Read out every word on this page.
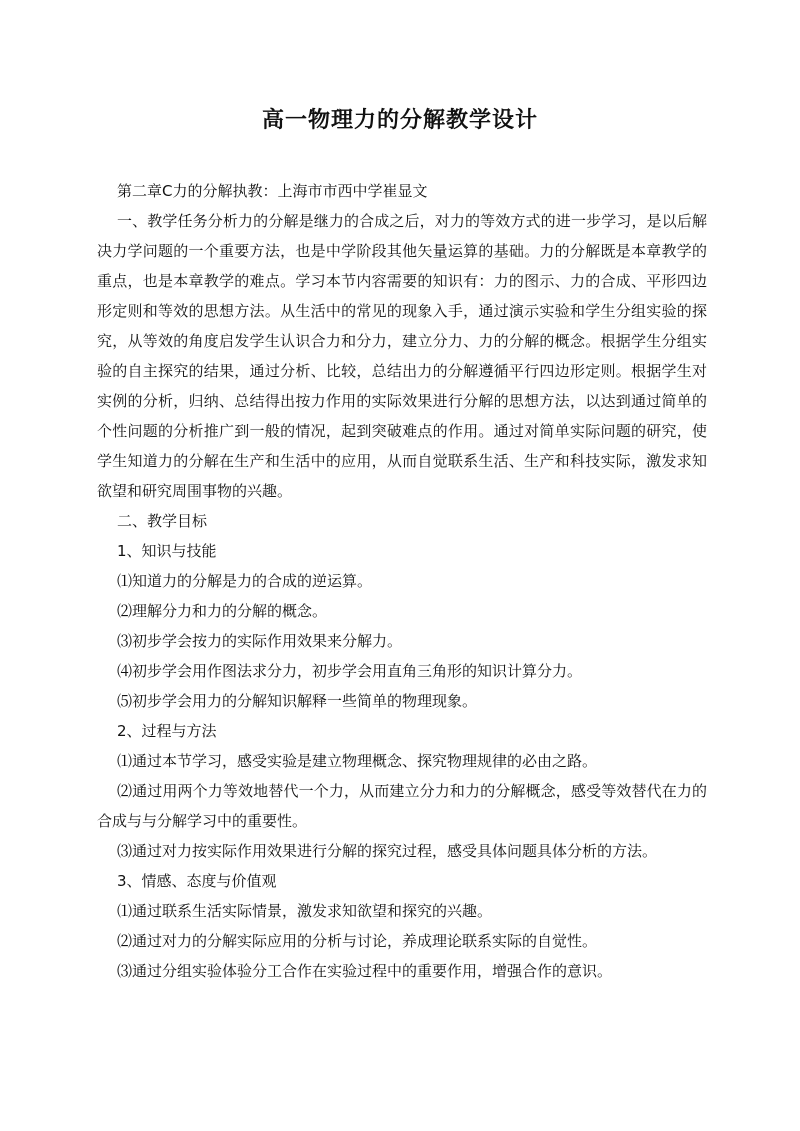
高一物理力的分解教学设计

第二章C力的分解执教：上海市市西中学崔显文

一、教学任务分析力的分解是继力的合成之后，对力的等效方式的进一步学习，是以后解决力学问题的一个重要方法，也是中学阶段其他矢量运算的基础。力的分解既是本章教学的重点，也是本章教学的难点。学习本节内容需要的知识有：力的图示、力的合成、平形四边形定则和等效的思想方法。从生活中的常见的现象入手，通过演示实验和学生分组实验的探究，从等效的角度启发学生认识合力和分力，建立分力、力的分解的概念。根据学生分组实验的自主探究的结果，通过分析、比较，总结出力的分解遵循平行四边形定则。根据学生对实例的分析，归纳、总结得出按力作用的实际效果进行分解的思想方法，以达到通过简单的个性问题的分析推广到一般的情况，起到突破难点的作用。通过对简单实际问题的研究，使学生知道力的分解在生产和生活中的应用，从而自觉联系生活、生产和科技实际，激发求知欲望和研究周围事物的兴趣。

二、教学目标

1、知识与技能

⑴知道力的分解是力的合成的逆运算。

⑵理解分力和力的分解的概念。

⑶初步学会按力的实际作用效果来分解力。

⑷初步学会用作图法求分力，初步学会用直角三角形的知识计算分力。

⑸初步学会用力的分解知识解释一些简单的物理现象。

2、过程与方法

⑴通过本节学习，感受实验是建立物理概念、探究物理规律的必由之路。

⑵通过用两个力等效地替代一个力，从而建立分力和力的分解概念，感受等效替代在力的合成与与分解学习中的重要性。

⑶通过对力按实际作用效果进行分解的探究过程，感受具体问题具体分析的方法。

3、情感、态度与价值观

⑴通过联系生活实际情景，激发求知欲望和探究的兴趣。

⑵通过对力的分解实际应用的分析与讨论，养成理论联系实际的自觉性。

⑶通过分组实验体验分工合作在实验过程中的重要作用，增强合作的意识。
